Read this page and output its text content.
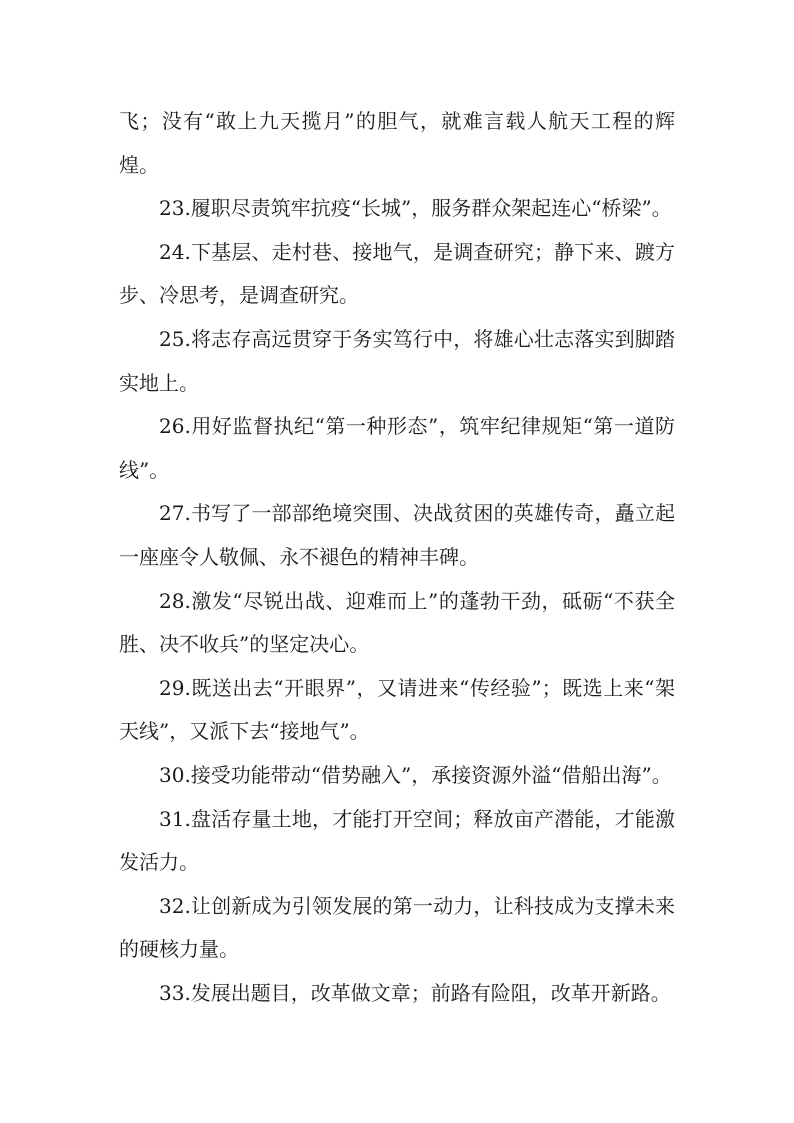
飞；没有“敢上九天揽月”的胆气，就难言载人航天工程的辉煌。

23.履职尽责筑牢抗疫“长城”，服务群众架起连心“桥梁”。

24.下基层、走村巷、接地气，是调查研究；静下来、踱方步、冷思考，是调查研究。

25.将志存高远贯穿于务实笃行中，将雄心壮志落实到脚踏实地上。

26.用好监督执纪“第一种形态”，筑牢纪律规矩“第一道防线”。

27.书写了一部部绝境突围、决战贫困的英雄传奇，矗立起一座座令人敬佩、永不褪色的精神丰碑。

28.激发“尽锐出战、迎难而上”的蓬勃干劲，砥砺“不获全胜、决不收兵”的坚定决心。

29.既送出去“开眼界”，又请进来“传经验”；既选上来“架天线”，又派下去“接地气”。

30.接受功能带动“借势融入”，承接资源外溢“借船出海”。

31.盘活存量土地，才能打开空间；释放亩产潜能，才能激发活力。

32.让创新成为引领发展的第一动力，让科技成为支撑未来的硬核力量。

33.发展出题目，改革做文章；前路有险阻，改革开新路。
